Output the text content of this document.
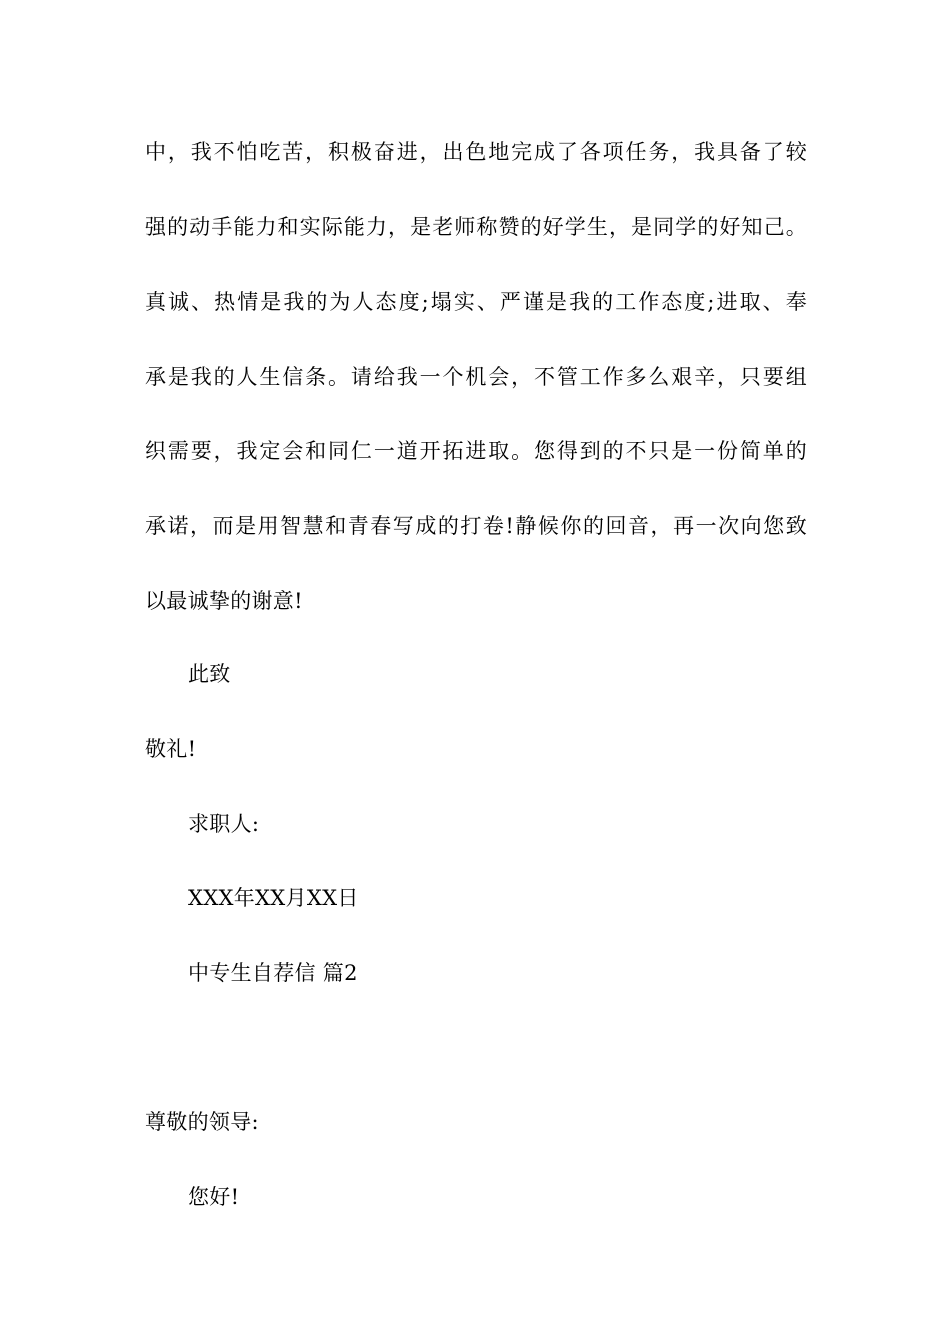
中，我不怕吃苦，积极奋进，出色地完成了各项任务，我具备了较
强的动手能力和实际能力，是老师称赞的好学生，是同学的好知己。
真诚、热情是我的为人态度;塌实、严谨是我的工作态度;进取、奉
承是我的人生信条。请给我一个机会，不管工作多么艰辛，只要组
织需要，我定会和同仁一道开拓进取。您得到的不只是一份简单的
承诺，而是用智慧和青春写成的打卷!静候你的回音，再一次向您致
以最诚挚的谢意!
此致
敬礼!
求职人:
XXX年XX月XX日
中专生自荐信 篇2
尊敬的领导:
您好!
